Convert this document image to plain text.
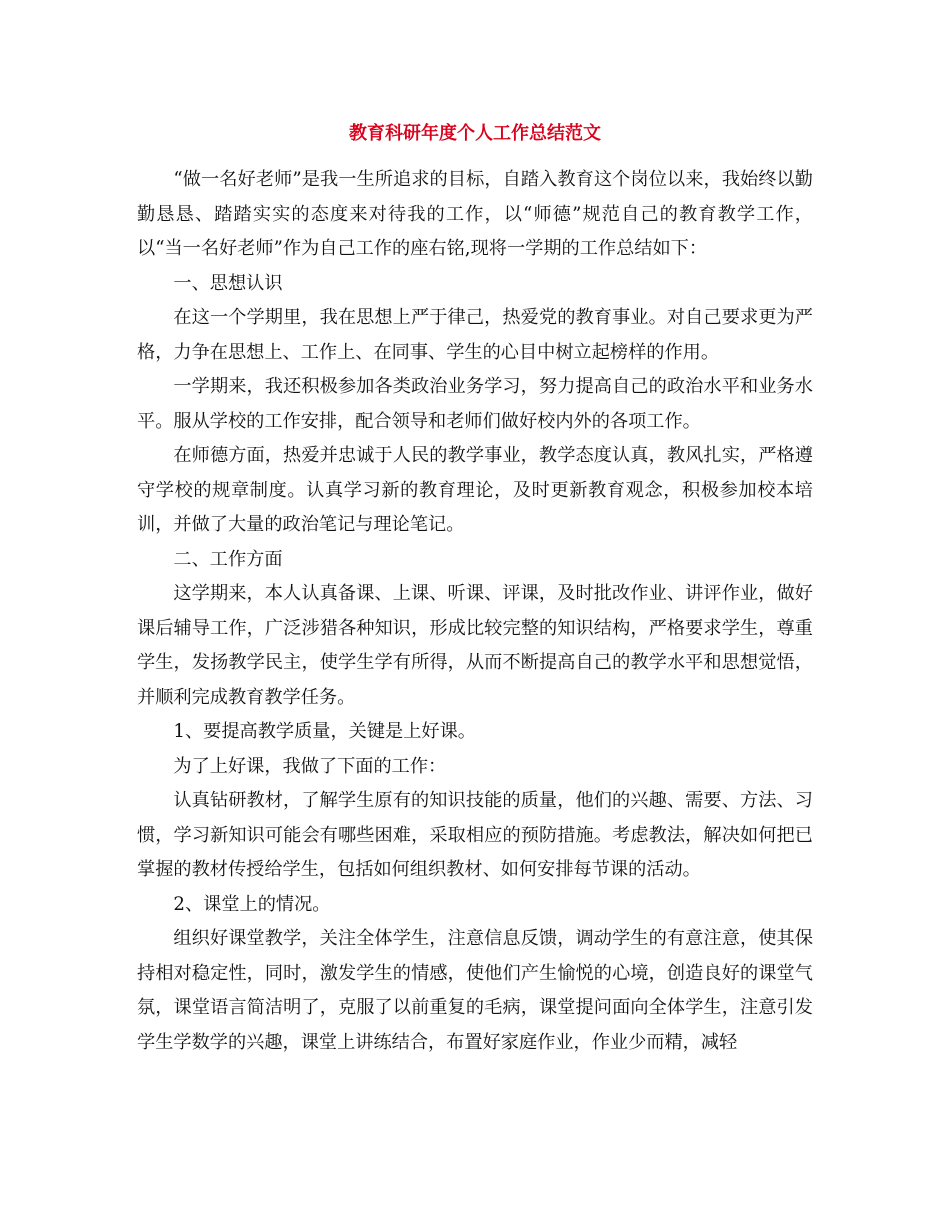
教育科研年度个人工作总结范文

“做一名好老师”是我一生所追求的目标，自踏入教育这个岗位以来，我始终以勤勤恳恳、踏踏实实的态度来对待我的工作，以“师德”规范自己的教育教学工作，以“当一名好老师”作为自己工作的座右铭,现将一学期的工作总结如下：

一、思想认识

在这一个学期里，我在思想上严于律己，热爱党的教育事业。对自己要求更为严格，力争在思想上、工作上、在同事、学生的心目中树立起榜样的作用。

一学期来，我还积极参加各类政治业务学习，努力提高自己的政治水平和业务水平。服从学校的工作安排，配合领导和老师们做好校内外的各项工作。

在师德方面，热爱并忠诚于人民的教学事业，教学态度认真，教风扎实，严格遵守学校的规章制度。认真学习新的教育理论，及时更新教育观念，积极参加校本培训，并做了大量的政治笔记与理论笔记。

二、工作方面

这学期来，本人认真备课、上课、听课、评课，及时批改作业、讲评作业，做好课后辅导工作，广泛涉猎各种知识，形成比较完整的知识结构，严格要求学生，尊重学生，发扬教学民主，使学生学有所得，从而不断提高自己的教学水平和思想觉悟，并顺利完成教育教学任务。

1、要提高教学质量，关键是上好课。

为了上好课，我做了下面的工作：

认真钻研教材，了解学生原有的知识技能的质量，他们的兴趣、需要、方法、习惯，学习新知识可能会有哪些困难，采取相应的预防措施。考虑教法，解决如何把已掌握的教材传授给学生，包括如何组织教材、如何安排每节课的活动。

2、课堂上的情况。

组织好课堂教学，关注全体学生，注意信息反馈，调动学生的有意注意，使其保持相对稳定性，同时，激发学生的情感，使他们产生愉悦的心境，创造良好的课堂气氛，课堂语言简洁明了，克服了以前重复的毛病，课堂提问面向全体学生，注意引发学生学数学的兴趣，课堂上讲练结合，布置好家庭作业，作业少而精，减轻
